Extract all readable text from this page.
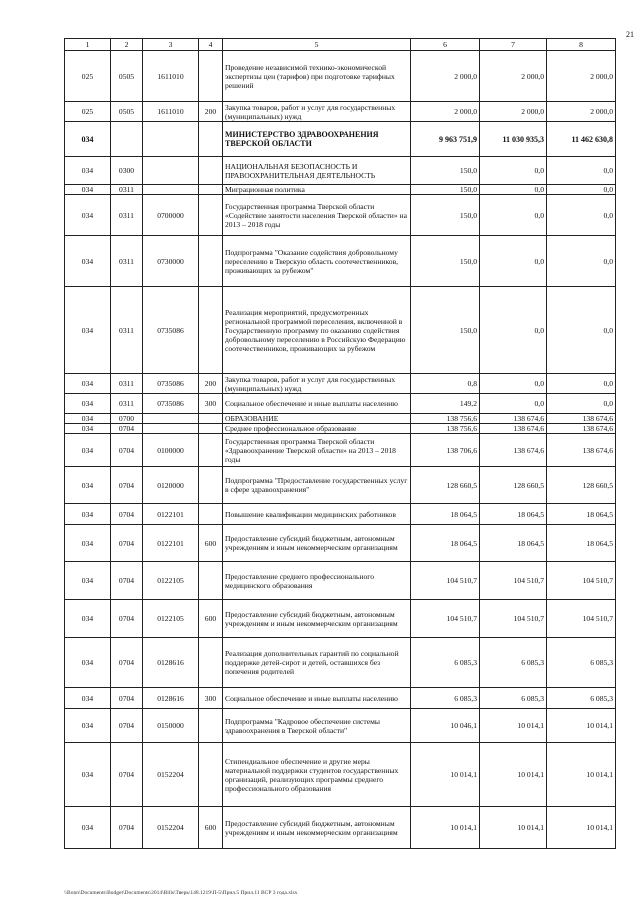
21
1	2	3	4	5	6	7	8
025	0505	1611010		Проведение независимой технико-экономической экспертизы цен (тарифов) при подготовке тарифных решений	2 000,0	2 000,0	2 000,0
025	0505	1611010	200	Закупка товаров, работ и услуг для государственных (муниципальных) нужд	2 000,0	2 000,0	2 000,0
034				МИНИСТЕРСТВО ЗДРАВООХРАНЕНИЯ ТВЕРСКОЙ ОБЛАСТИ	9 963 751,9	11 030 935,3	11 462 630,8
034	0300			НАЦИОНАЛЬНАЯ БЕЗОПАСНОСТЬ И ПРАВООХРАНИТЕЛЬНАЯ ДЕЯТЕЛЬНОСТЬ	150,0	0,0	0,0
034	0311			Миграционная политика	150,0	0,0	0,0
034	0311	0700000		Государственная программа Тверской области «Содействие занятости населения Тверской области» на 2013 – 2018 годы	150,0	0,0	0,0
034	0311	0730000		Подпрограмма "Оказание содействия добровольному переселению в Тверскую область соотечественников, проживающих за рубежом"	150,0	0,0	0,0
034	0311	0735086		Реализация мероприятий, предусмотренных региональной программой переселения, включенной в Государственную программу по оказанию содействия добровольному переселению в Российскую Федерацию соотечественников, проживающих за рубежом	150,0	0,0	0,0
034	0311	0735086	200	Закупка товаров, работ и услуг для государственных (муниципальных) нужд	0,8	0,0	0,0
034	0311	0735086	300	Социальное обеспечение и иные выплаты населению	149,2	0,0	0,0
034	0700			ОБРАЗОВАНИЕ	138 756,6	138 674,6	138 674,6
034	0704			Среднее профессиональное образование	138 756,6	138 674,6	138 674,6
034	0704	0100000		Государственная программа Тверской области «Здравоохранение Тверской области» на 2013 – 2018 годы	138 706,6	138 674,6	138 674,6
034	0704	0120000		Подпрограмма "Предоставление государственных услуг в сфере здравоохранения"	128 660,5	128 660,5	128 660,5
034	0704	0122101		Повышение квалификации медицинских работников	18 064,5	18 064,5	18 064,5
034	0704	0122101	600	Предоставление субсидий бюджетным, автономным учреждениям и иным некоммерческим организациям	18 064,5	18 064,5	18 064,5
034	0704	0122105		Предоставление среднего профессионального медицинского образования	104 510,7	104 510,7	104 510,7
034	0704	0122105	600	Предоставление субсидий бюджетным, автономным учреждениям и иным некоммерческим организациям	104 510,7	104 510,7	104 510,7
034	0704	0128616		Реализация дополнительных гарантий по социальной поддержке детей-сирот и детей, оставшихся без попечения родителей	6 085,3	6 085,3	6 085,3
034	0704	0128616	300	Социальное обеспечение и иные выплаты населению	6 085,3	6 085,3	6 085,3
034	0704	0150000		Подпрограмма "Кадровое обеспечение системы здравоохранения в Тверской области"	10 046,1	10 014,1	10 014,1
034	0704	0152204		Стипендиальное обеспечение и другие меры материальной поддержки студентов государственных организаций, реализующих программы среднего профессионального образования	10 014,1	10 014,1	10 014,1
034	0704	0152204	600	Предоставление субсидий бюджетным, автономным учреждениям и иным некоммерческим организациям	10 014,1	10 014,1	10 014,1
\\Bonn\Documents\Budget\Documents\2014\Bills\Тверь\148.1219\П-5\Прил.5 Прил.11 ВСР 3 года.xlsx
